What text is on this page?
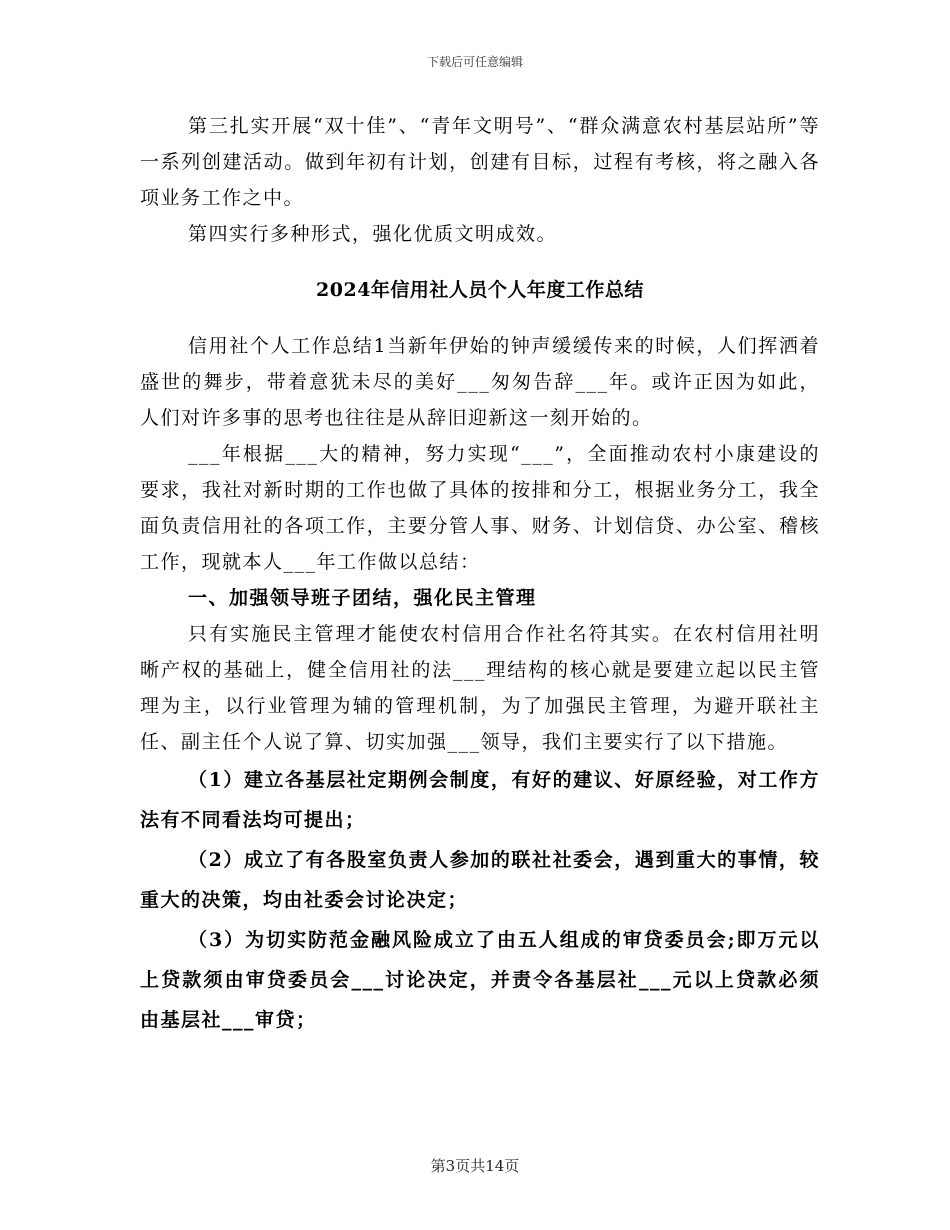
下载后可任意编辑

第三扎实开展“双十佳”、“青年文明号”、“群众满意农村基层站所”等一系列创建活动。做到年初有计划，创建有目标，过程有考核，将之融入各项业务工作之中。

第四实行多种形式，强化优质文明成效。

2024年信用社人员个人年度工作总结

信用社个人工作总结1当新年伊始的钟声缓缓传来的时候，人们挥洒着盛世的舞步，带着意犹未尽的美好___匆匆告辞___年。或许正因为如此，人们对许多事的思考也往往是从辞旧迎新这一刻开始的。

___年根据___大的精神，努力实现“___”，全面推动农村小康建设的要求，我社对新时期的工作也做了具体的按排和分工，根据业务分工，我全面负责信用社的各项工作，主要分管人事、财务、计划信贷、办公室、稽核工作，现就本人___年工作做以总结：

一、加强领导班子团结，强化民主管理

只有实施民主管理才能使农村信用合作社名符其实。在农村信用社明晰产权的基础上，健全信用社的法___理结构的核心就是要建立起以民主管理为主，以行业管理为辅的管理机制，为了加强民主管理，为避开联社主任、副主任个人说了算、切实加强___领导，我们主要实行了以下措施。

（1）建立各基层社定期例会制度，有好的建议、好原经验，对工作方法有不同看法均可提出；

（2）成立了有各股室负责人参加的联社社委会，遇到重大的事情，较重大的决策，均由社委会讨论决定；

（3）为切实防范金融风险成立了由五人组成的审贷委员会;即万元以上贷款须由审贷委员会___讨论决定，并责令各基层社___元以上贷款必须由基层社___审贷；

第3页共14页
